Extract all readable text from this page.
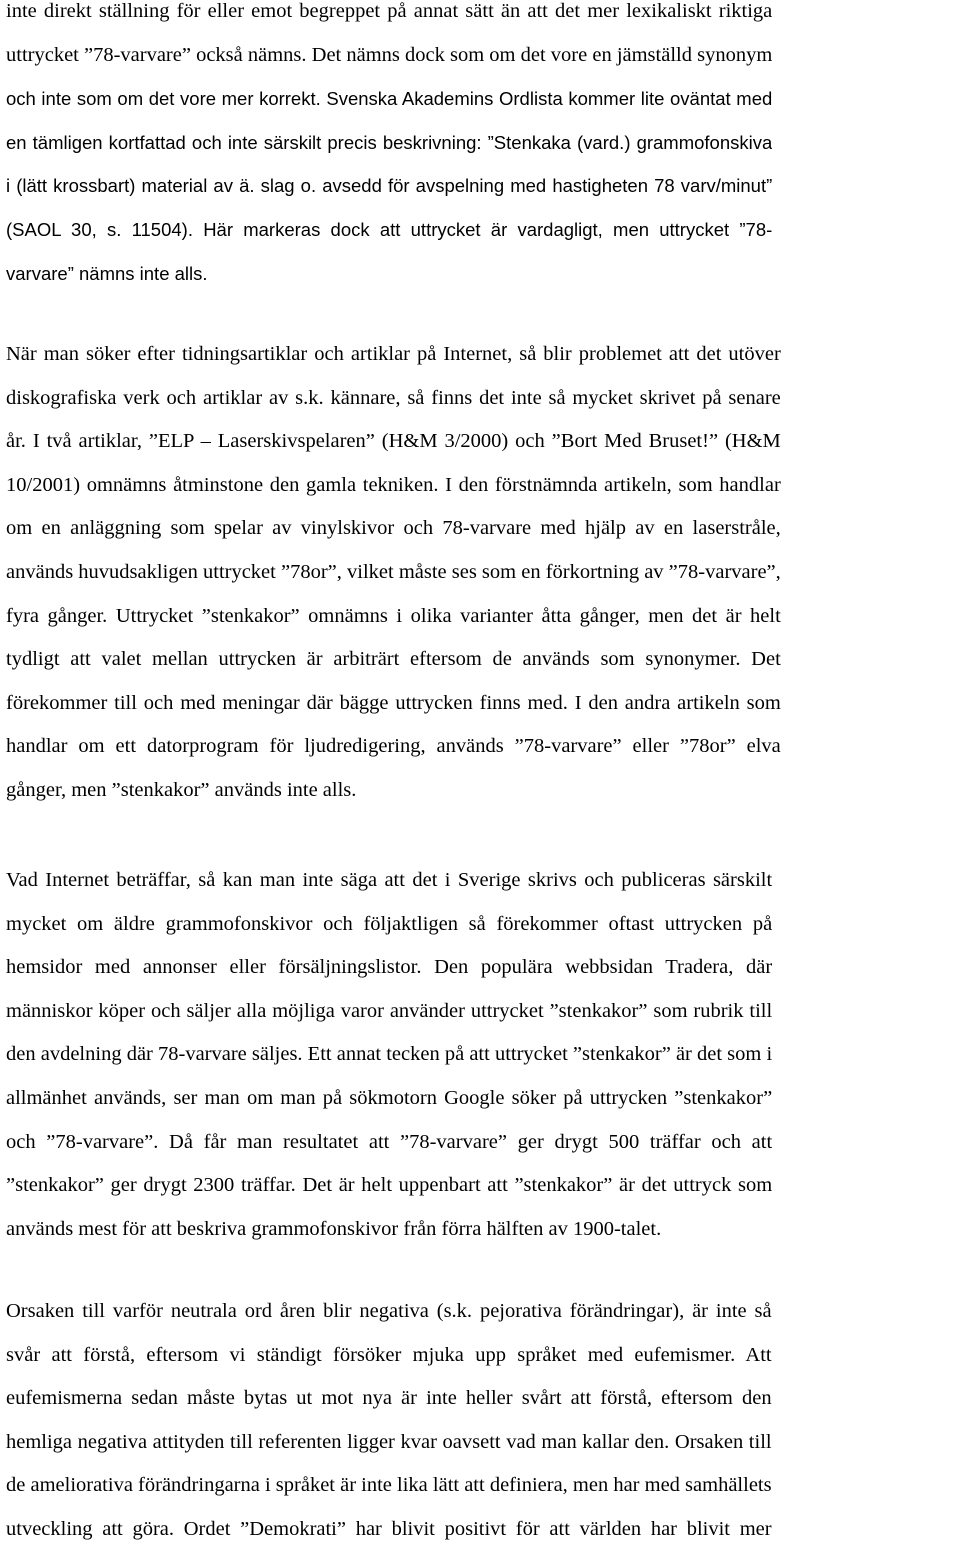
inte direkt ställning för eller emot begreppet på annat sätt än att det mer lexikaliskt riktiga
uttrycket ”78-varvare” också nämns. Det nämns dock som om det vore en jämställd synonym
och inte som om det vore mer korrekt. Svenska Akademins Ordlista kommer lite oväntat med
en tämligen kortfattad och inte särskilt precis beskrivning: ”Stenkaka (vard.) grammofonskiva
i (lätt krossbart) material av ä. slag o. avsedd för avspelning med hastigheten 78 varv/minut”
(SAOL 30, s. 11504). Här markeras dock att uttrycket är vardagligt, men uttrycket ”78-
varvare” nämns inte alls.
När man söker efter tidningsartiklar och artiklar på Internet, så blir problemet att det utöver
diskografiska verk och artiklar av s.k. kännare, så finns det inte så mycket skrivet på senare
år. I två artiklar, ”ELP – Laserskivspelaren” (H&M 3/2000) och ”Bort Med Bruset!” (H&M
10/2001) omnämns åtminstone den gamla tekniken. I den förstnämnda artikeln, som handlar
om en anläggning som spelar av vinylskivor och 78-varvare med hjälp av en laserstråle,
används huvudsakligen uttrycket ”78or”, vilket måste ses som en förkortning av ”78-varvare”,
fyra gånger. Uttrycket ”stenkakor” omnämns i olika varianter åtta gånger, men det är helt
tydligt att valet mellan uttrycken är arbiträrt eftersom de används som synonymer. Det
förekommer till och med meningar där bägge uttrycken finns med. I den andra artikeln som
handlar om ett datorprogram för ljudredigering, används ”78-varvare” eller ”78or” elva
gånger, men ”stenkakor” används inte alls.
Vad Internet beträffar, så kan man inte säga att det i Sverige skrivs och publiceras särskilt
mycket om äldre grammofonskivor och följaktligen så förekommer oftast uttrycken på
hemsidor med annonser eller försäljningslistor. Den populära webbsidan Tradera, där
människor köper och säljer alla möjliga varor använder uttrycket ”stenkakor” som rubrik till
den avdelning där 78-varvare säljes. Ett annat tecken på att uttrycket ”stenkakor” är det som i
allmänhet används, ser man om man på sökmotorn Google söker på uttrycken ”stenkakor”
och ”78-varvare”. Då får man resultatet att ”78-varvare” ger drygt 500 träffar och att
”stenkakor” ger drygt 2300 träffar. Det är helt uppenbart att ”stenkakor” är det uttryck som
används mest för att beskriva grammofonskivor från förra hälften av 1900-talet.
Orsaken till varför neutrala ord åren blir negativa (s.k. pejorativa förändringar), är inte så
svår att förstå, eftersom vi ständigt försöker mjuka upp språket med eufemismer. Att
eufemismerna sedan måste bytas ut mot nya är inte heller svårt att förstå, eftersom den
hemliga negativa attityden till referenten ligger kvar oavsett vad man kallar den. Orsaken till
de ameliorativa förändringarna i språket är inte lika lätt att definiera, men har med samhällets
utveckling att göra. Ordet ”Demokrati” har blivit positivt för att världen har blivit mer
